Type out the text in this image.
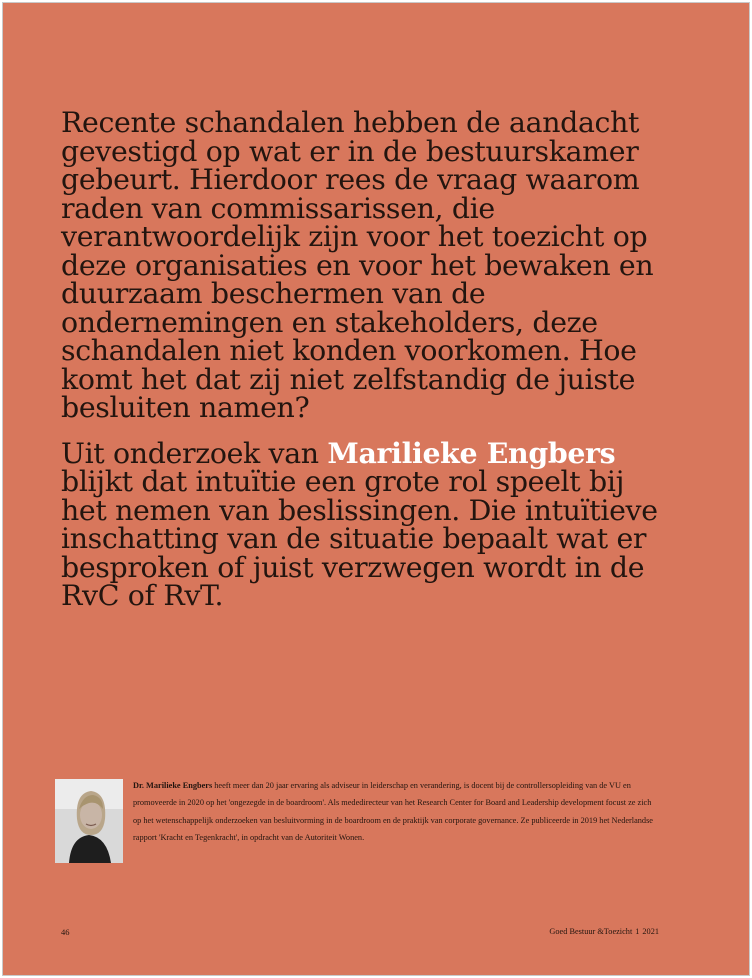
Recente schandalen hebben de aandacht gevestigd op wat er in de bestuurskamer gebeurt. Hierdoor rees de vraag waarom raden van commissarissen, die verantwoordelijk zijn voor het toezicht op deze organisaties en voor het bewaken en duurzaam beschermen van de ondernemingen en stakeholders, deze schandalen niet konden voorkomen. Hoe komt het dat zij niet zelfstandig de juiste besluiten namen?

Uit onderzoek van Marilieke Engbers blijkt dat intuïtie een grote rol speelt bij het nemen van beslissingen. Die intuïtieve inschatting van de situatie bepaalt wat er besproken of juist verzwegen wordt in de RvC of RvT.

Dr. Marilieke Engbers heeft meer dan 20 jaar ervaring als adviseur in leiderschap en verandering, is docent bij de controllersopleiding van de VU en promoveerde in 2020 op het 'ongezegde in de boardroom'. Als mededirecteur van het Research Center for Board and Leadership development focust ze zich op het wetenschappelijk onderzoeken van besluitvorming in de boardroom en de praktijk van corporate governance. Ze publiceerde in 2019 het Nederlandse rapport 'Kracht en Tegenkracht', in opdracht van de Autoriteit Wonen.
46	Goed Bestuur &Toezicht 1 2021
